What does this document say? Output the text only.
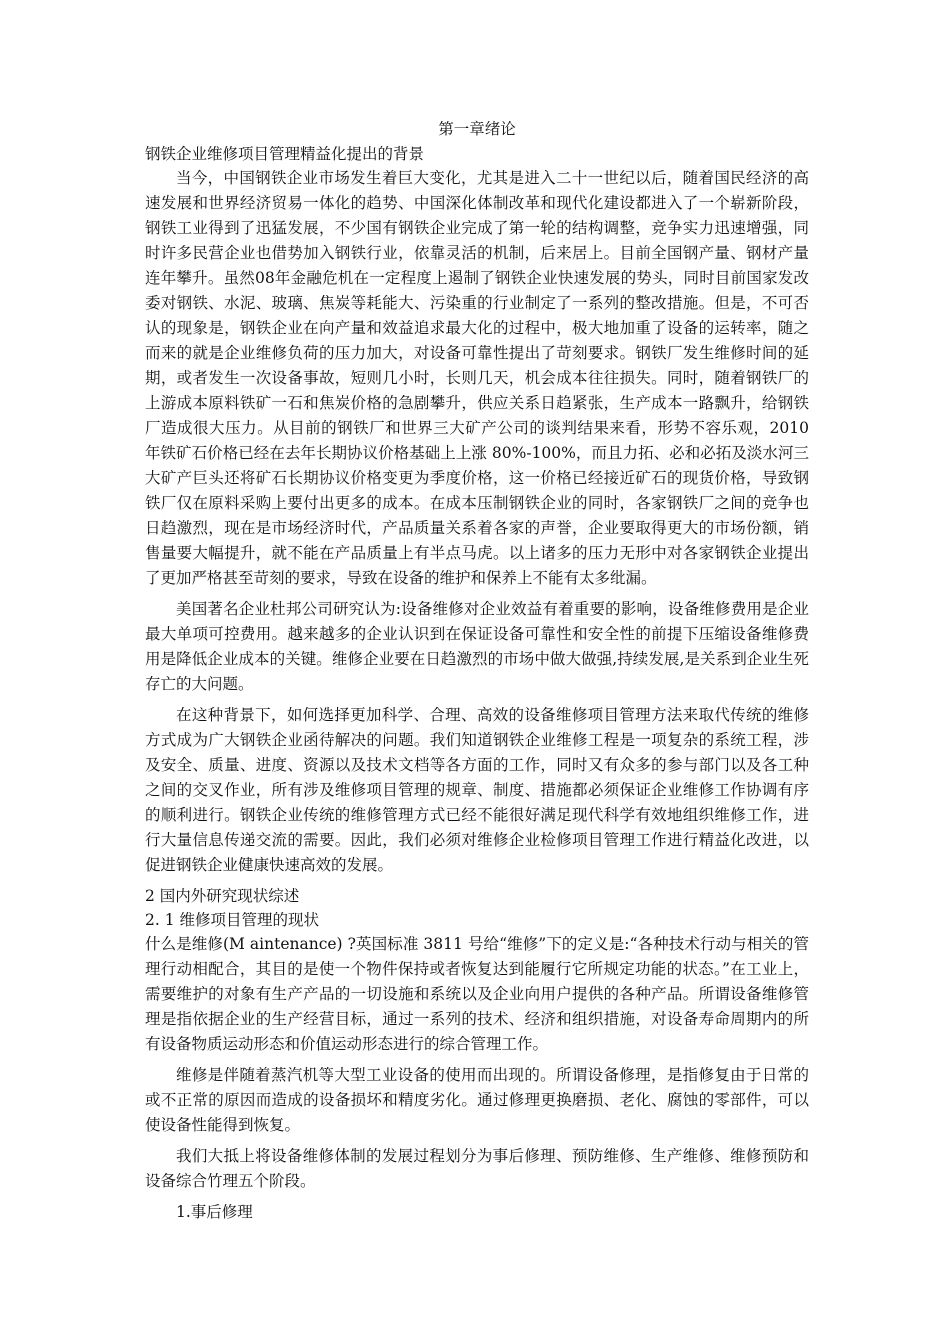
第一章绪论

钢铁企业维修项目管理精益化提出的背景

当今，中国钢铁企业市场发生着巨大变化，尤其是进入二十一世纪以后，随着国民经济的高速发展和世界经济贸易一体化的趋势、中国深化体制改革和现代化建设都进入了一个崭新阶段，钢铁工业得到了迅猛发展，不少国有钢铁企业完成了第一轮的结构调整，竞争实力迅速增强，同时许多民营企业也借势加入钢铁行业，依靠灵活的机制，后来居上。目前全国钢产量、钢材产量连年攀升。虽然08年金融危机在一定程度上遏制了钢铁企业快速发展的势头，同时目前国家发改委对钢铁、水泥、玻璃、焦炭等耗能大、污染重的行业制定了一系列的整改措施。但是，不可否认的现象是，钢铁企业在向产量和效益追求最大化的过程中，极大地加重了设备的运转率，随之而来的就是企业维修负荷的压力加大，对设备可靠性提出了苛刻要求。钢铁厂发生维修时间的延期，或者发生一次设备事故，短则几小时，长则几天，机会成本往往损失。同时，随着钢铁厂的上游成本原料铁矿一石和焦炭价格的急剧攀升，供应关系日趋紧张，生产成本一路飘升，给钢铁厂造成很大压力。从目前的钢铁厂和世界三大矿产公司的谈判结果来看，形势不容乐观，2010 年铁矿石价格已经在去年长期协议价格基础上上涨 80%-100%，而且力拓、必和必拓及淡水河三大矿产巨头还将矿石长期协议价格变更为季度价格，这一价格已经接近矿石的现货价格，导致钢铁厂仅在原料采购上要付出更多的成本。在成本压制钢铁企业的同时，各家钢铁厂之间的竞争也日趋激烈，现在是市场经济时代，产品质量关系着各家的声誉，企业要取得更大的市场份额，销售量要大幅提升，就不能在产品质量上有半点马虎。以上诸多的压力无形中对各家钢铁企业提出了更加严格甚至苛刻的要求，导致在设备的维护和保养上不能有太多纰漏。

美国著名企业杜邦公司研究认为:设备维修对企业效益有着重要的影响，设备维修费用是企业最大单项可控费用。越来越多的企业认识到在保证设备可靠性和安全性的前提下压缩设备维修费用是降低企业成本的关键。维修企业要在日趋激烈的市场中做大做强,持续发展,是关系到企业生死存亡的大问题。

在这种背景下，如何选择更加科学、合理、高效的设备维修项目管理方法来取代传统的维修方式成为广大钢铁企业函待解决的问题。我们知道钢铁企业维修工程是一项复杂的系统工程，涉及安全、质量、进度、资源以及技术文档等各方面的工作，同时又有众多的参与部门以及各工种之间的交叉作业，所有涉及维修项目管理的规章、制度、措施都必须保证企业维修工作协调有序的顺利进行。钢铁企业传统的维修管理方式已经不能很好满足现代科学有效地组织维修工作，进行大量信息传递交流的需要。因此，我们必须对维修企业检修项目管理工作进行精益化改进，以促进钢铁企业健康快速高效的发展。

2 国内外研究现状综述

2. 1 维修项目管理的现状

什么是维修(M aintenance) ?英国标准 3811 号给“维修”下的定义是:“各种技术行动与相关的管理行动相配合，其目的是使一个物件保持或者恢复达到能履行它所规定功能的状态。”在工业上，需要维护的对象有生产产品的一切设施和系统以及企业向用户提供的各种产品。所谓设备维修管理是指依据企业的生产经营目标，通过一系列的技术、经济和组织措施，对设备寿命周期内的所有设备物质运动形态和价值运动形态进行的综合管理工作。

维修是伴随着蒸汽机等大型工业设备的使用而出现的。所谓设备修理，是指修复由于日常的或不正常的原因而造成的设备损坏和精度劣化。通过修理更换磨损、老化、腐蚀的零部件，可以使设备性能得到恢复。

我们大抵上将设备维修体制的发展过程划分为事后修理、预防维修、生产维修、维修预防和设备综合竹理五个阶段。

1.事后修理
